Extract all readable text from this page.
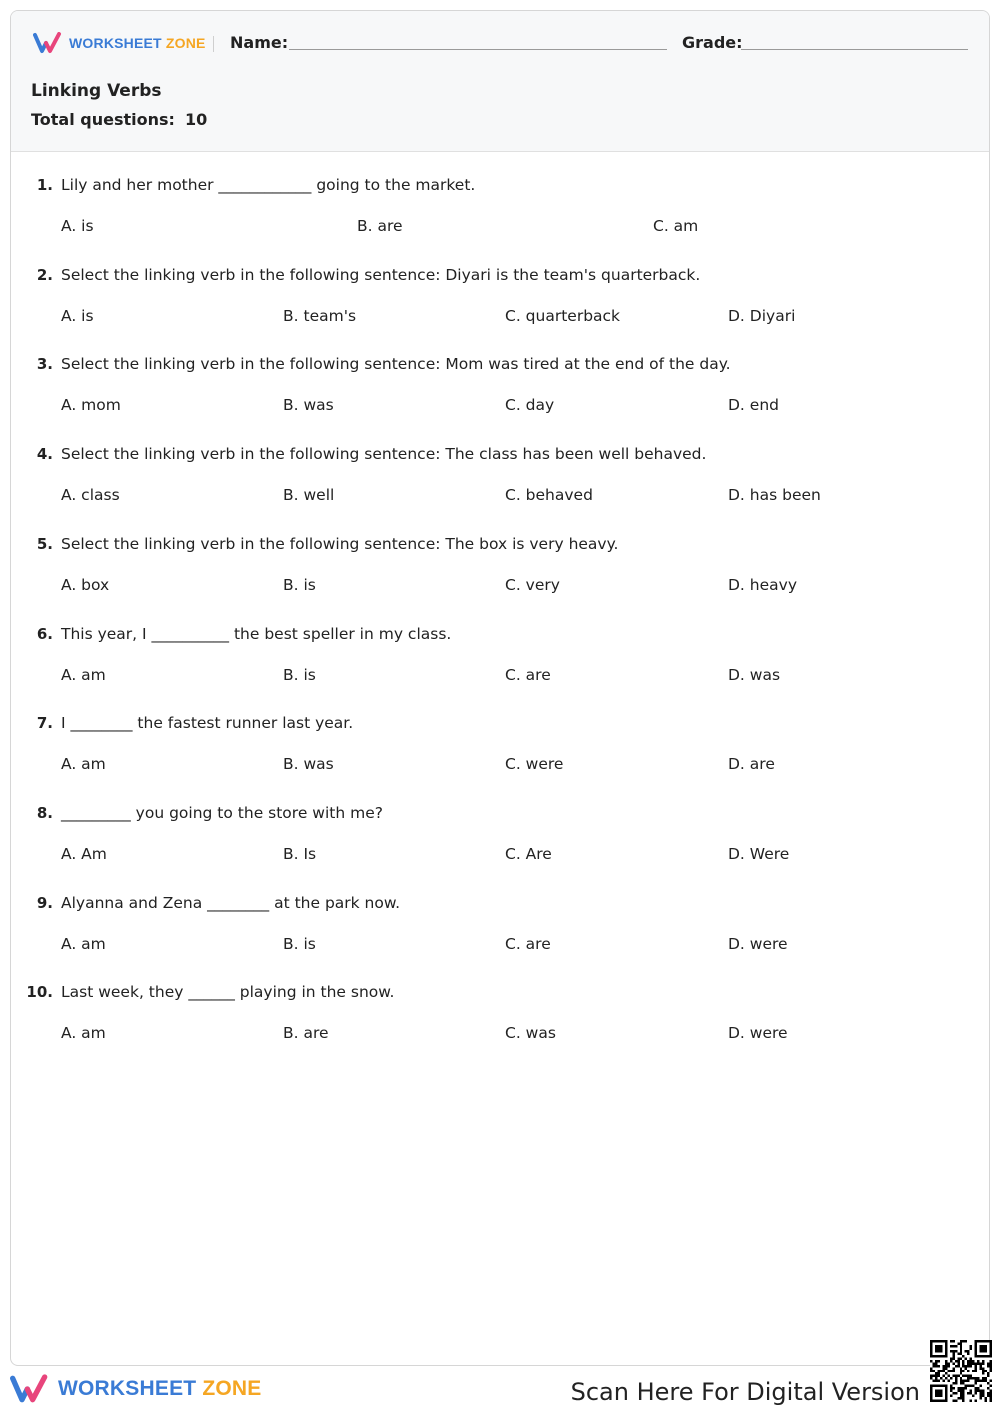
WORKSHEET ZONE Name:	Grade:
Linking Verbs
Total questions: 10
1. Lily and her mother ____________ going to the market.
A. is	B. are	C. am
2. Select the linking verb in the following sentence: Diyari is the team's quarterback.
A. is	B. team's	C. quarterback	D. Diyari
3. Select the linking verb in the following sentence: Mom was tired at the end of the day.
A. mom	B. was	C. day	D. end
4. Select the linking verb in the following sentence: The class has been well behaved.
A. class	B. well	C. behaved	D. has been
5. Select the linking verb in the following sentence: The box is very heavy.
A. box	B. is	C. very	D. heavy
6. This year, I __________ the best speller in my class.
A. am	B. is	C. are	D. was
7. I ________ the fastest runner last year.
A. am	B. was	C. were	D. are
8. _________ you going to the store with me?
A. Am	B. Is	C. Are	D. Were
9. Alyanna and Zena ________ at the park now.
A. am	B. is	C. are	D. were
10. Last week, they ______ playing in the snow.
A. am	B. are	C. was	D. were
WORKSHEET ZONE	Scan Here For Digital Version
